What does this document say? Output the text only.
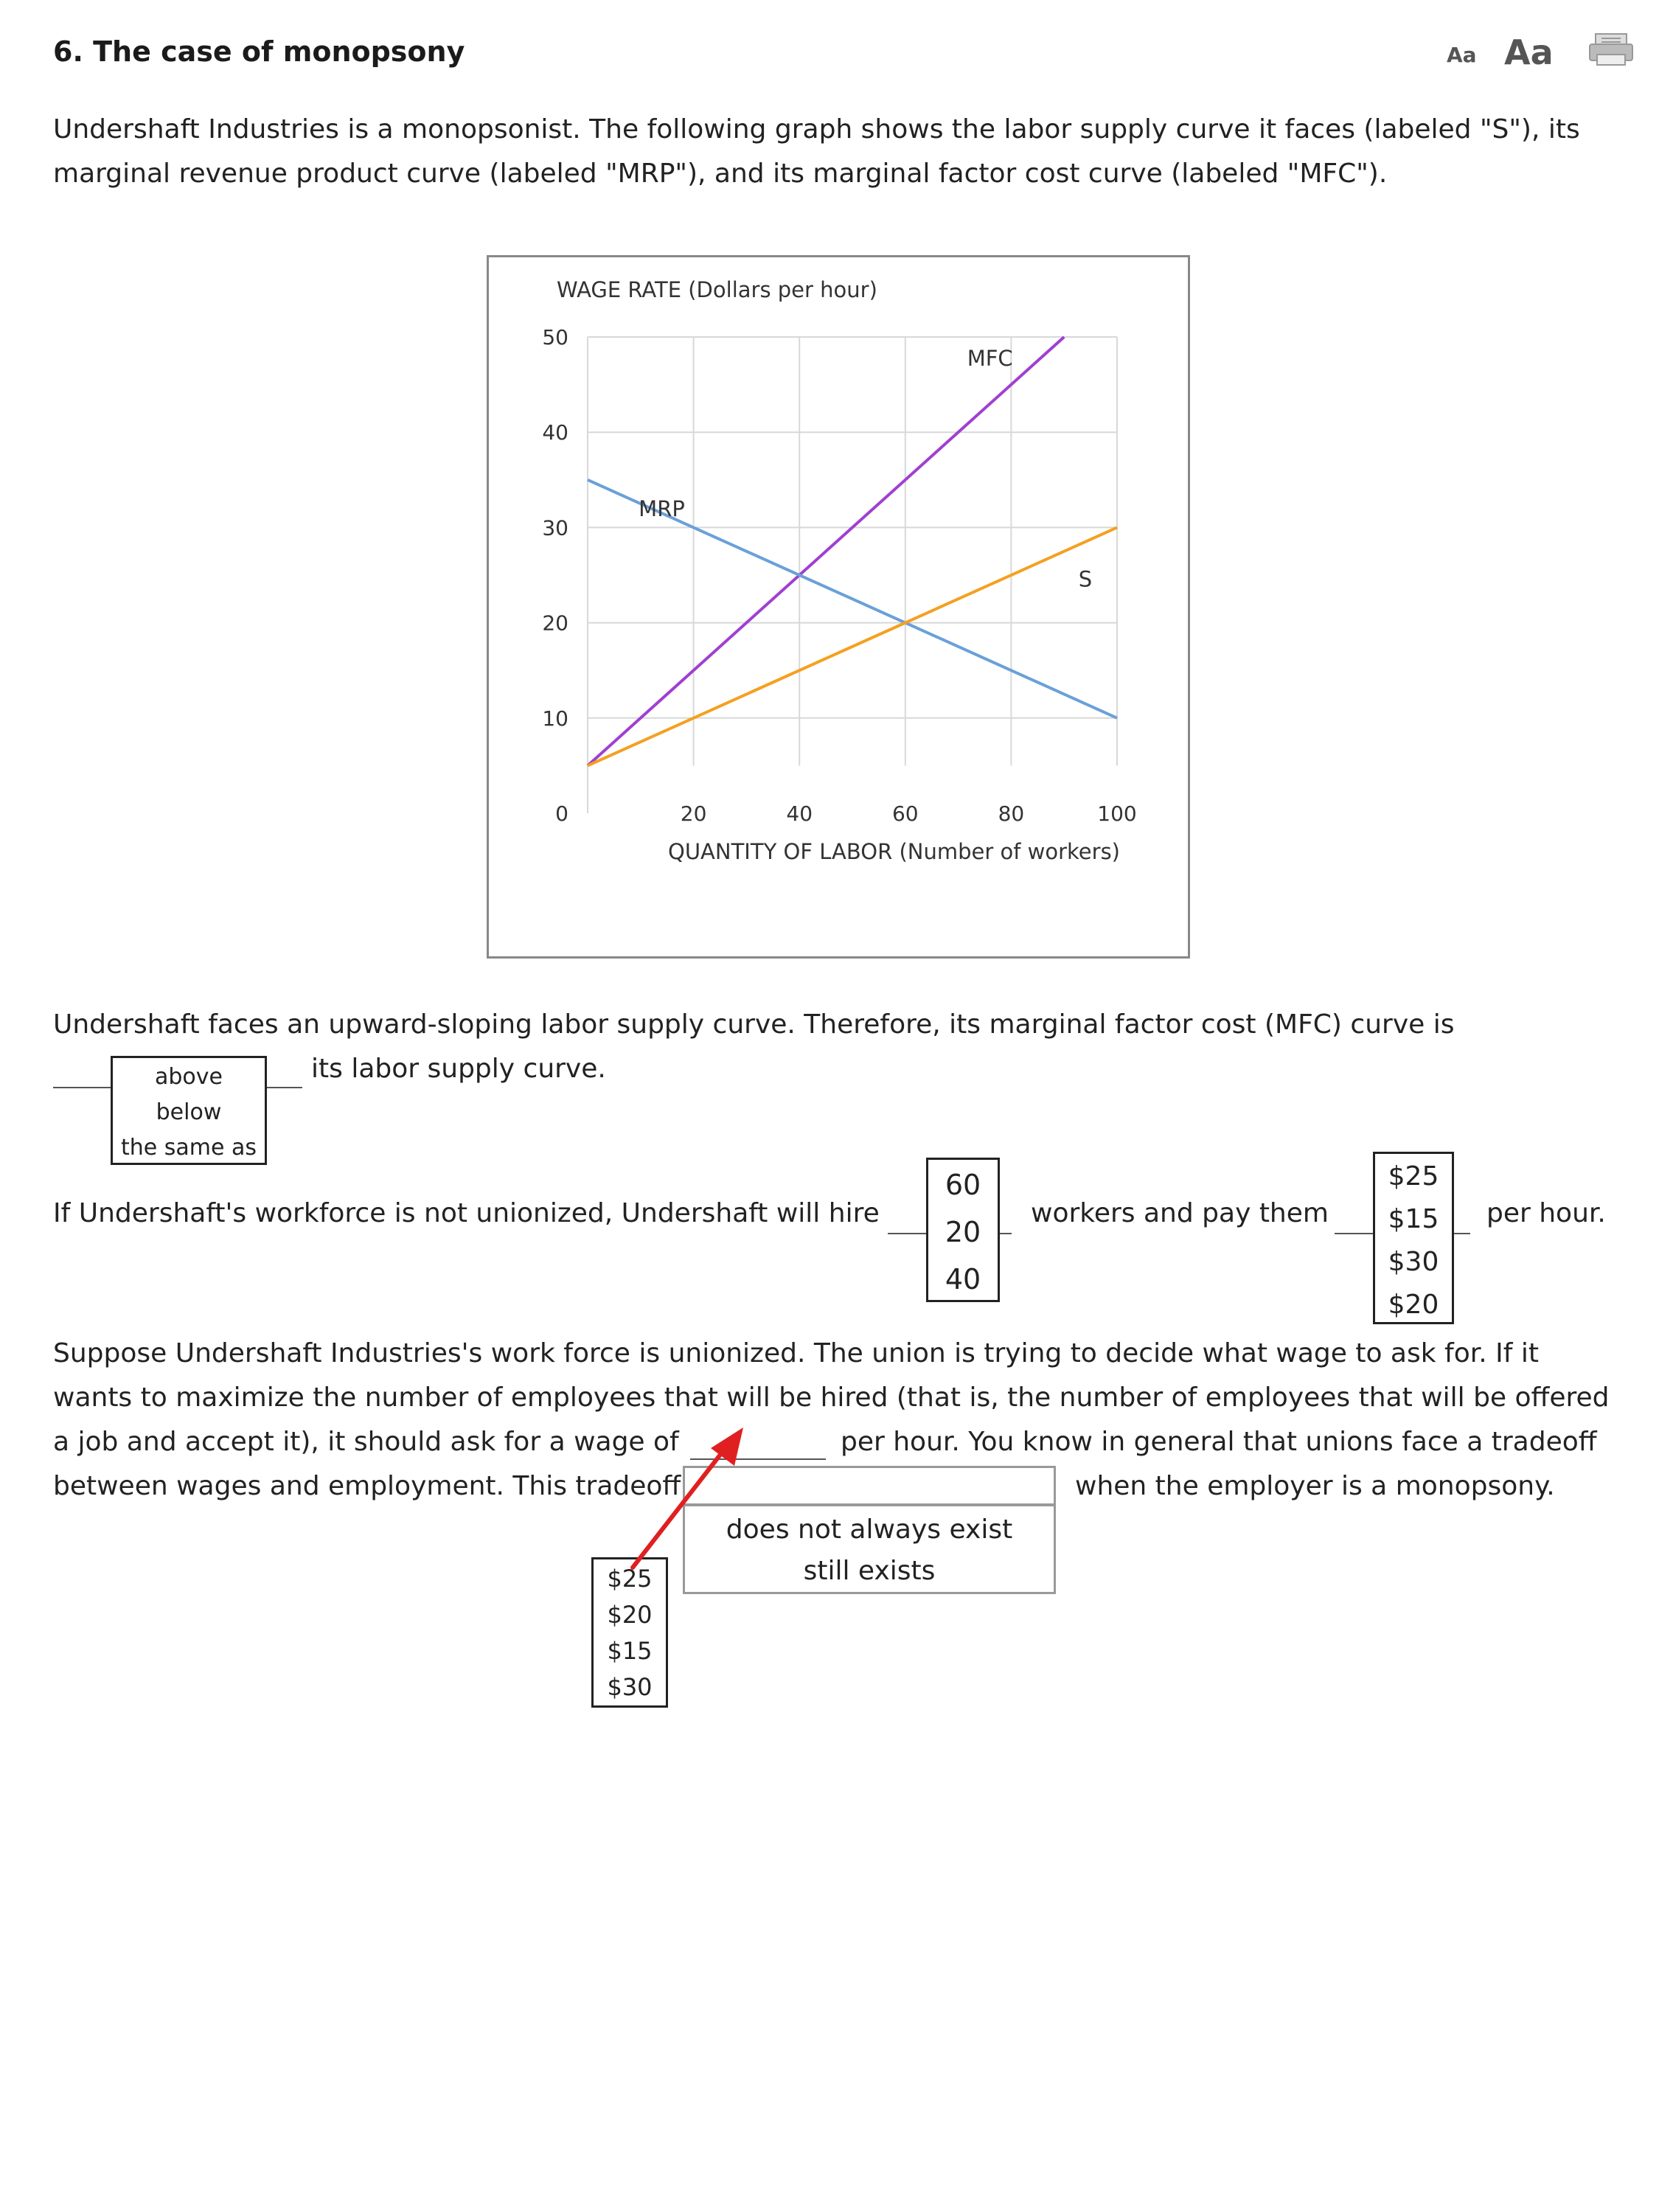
6. The case of monopsony	Aa Aa
Undershaft Industries is a monopsonist. The following graph shows the labor supply curve it faces (labeled "S"), its
marginal revenue product curve (labeled "MRP"), and its marginal factor cost curve (labeled "MFC").
50
40
30
20
10
0	20	40	60	80	100
WAGE RATE (Dollars per hour)
QUANTITY OF LABOR (Number of workers)
MFC
MRP
S
Undershaft faces an upward-sloping labor supply curve. Therefore, its marginal factor cost (MFC) curve is
above
below
the same as
its labor supply curve.
If Undershaft's workforce is not unionized, Undershaft will hire
60
20
40
workers and pay them
$25
$15
$30
$20
per hour.
Suppose Undershaft Industries's work force is unionized. The union is trying to decide what wage to ask for. If it
wants to maximize the number of employees that will be hired (that is, the number of employees that will be offered
a job and accept it), it should ask for a wage of	per hour. You know in general that unions face a tradeoff
between wages and employment. This tradeoff	when the employer is a monopsony.
does not always exist
still exists
$25
$20
$15
$30
